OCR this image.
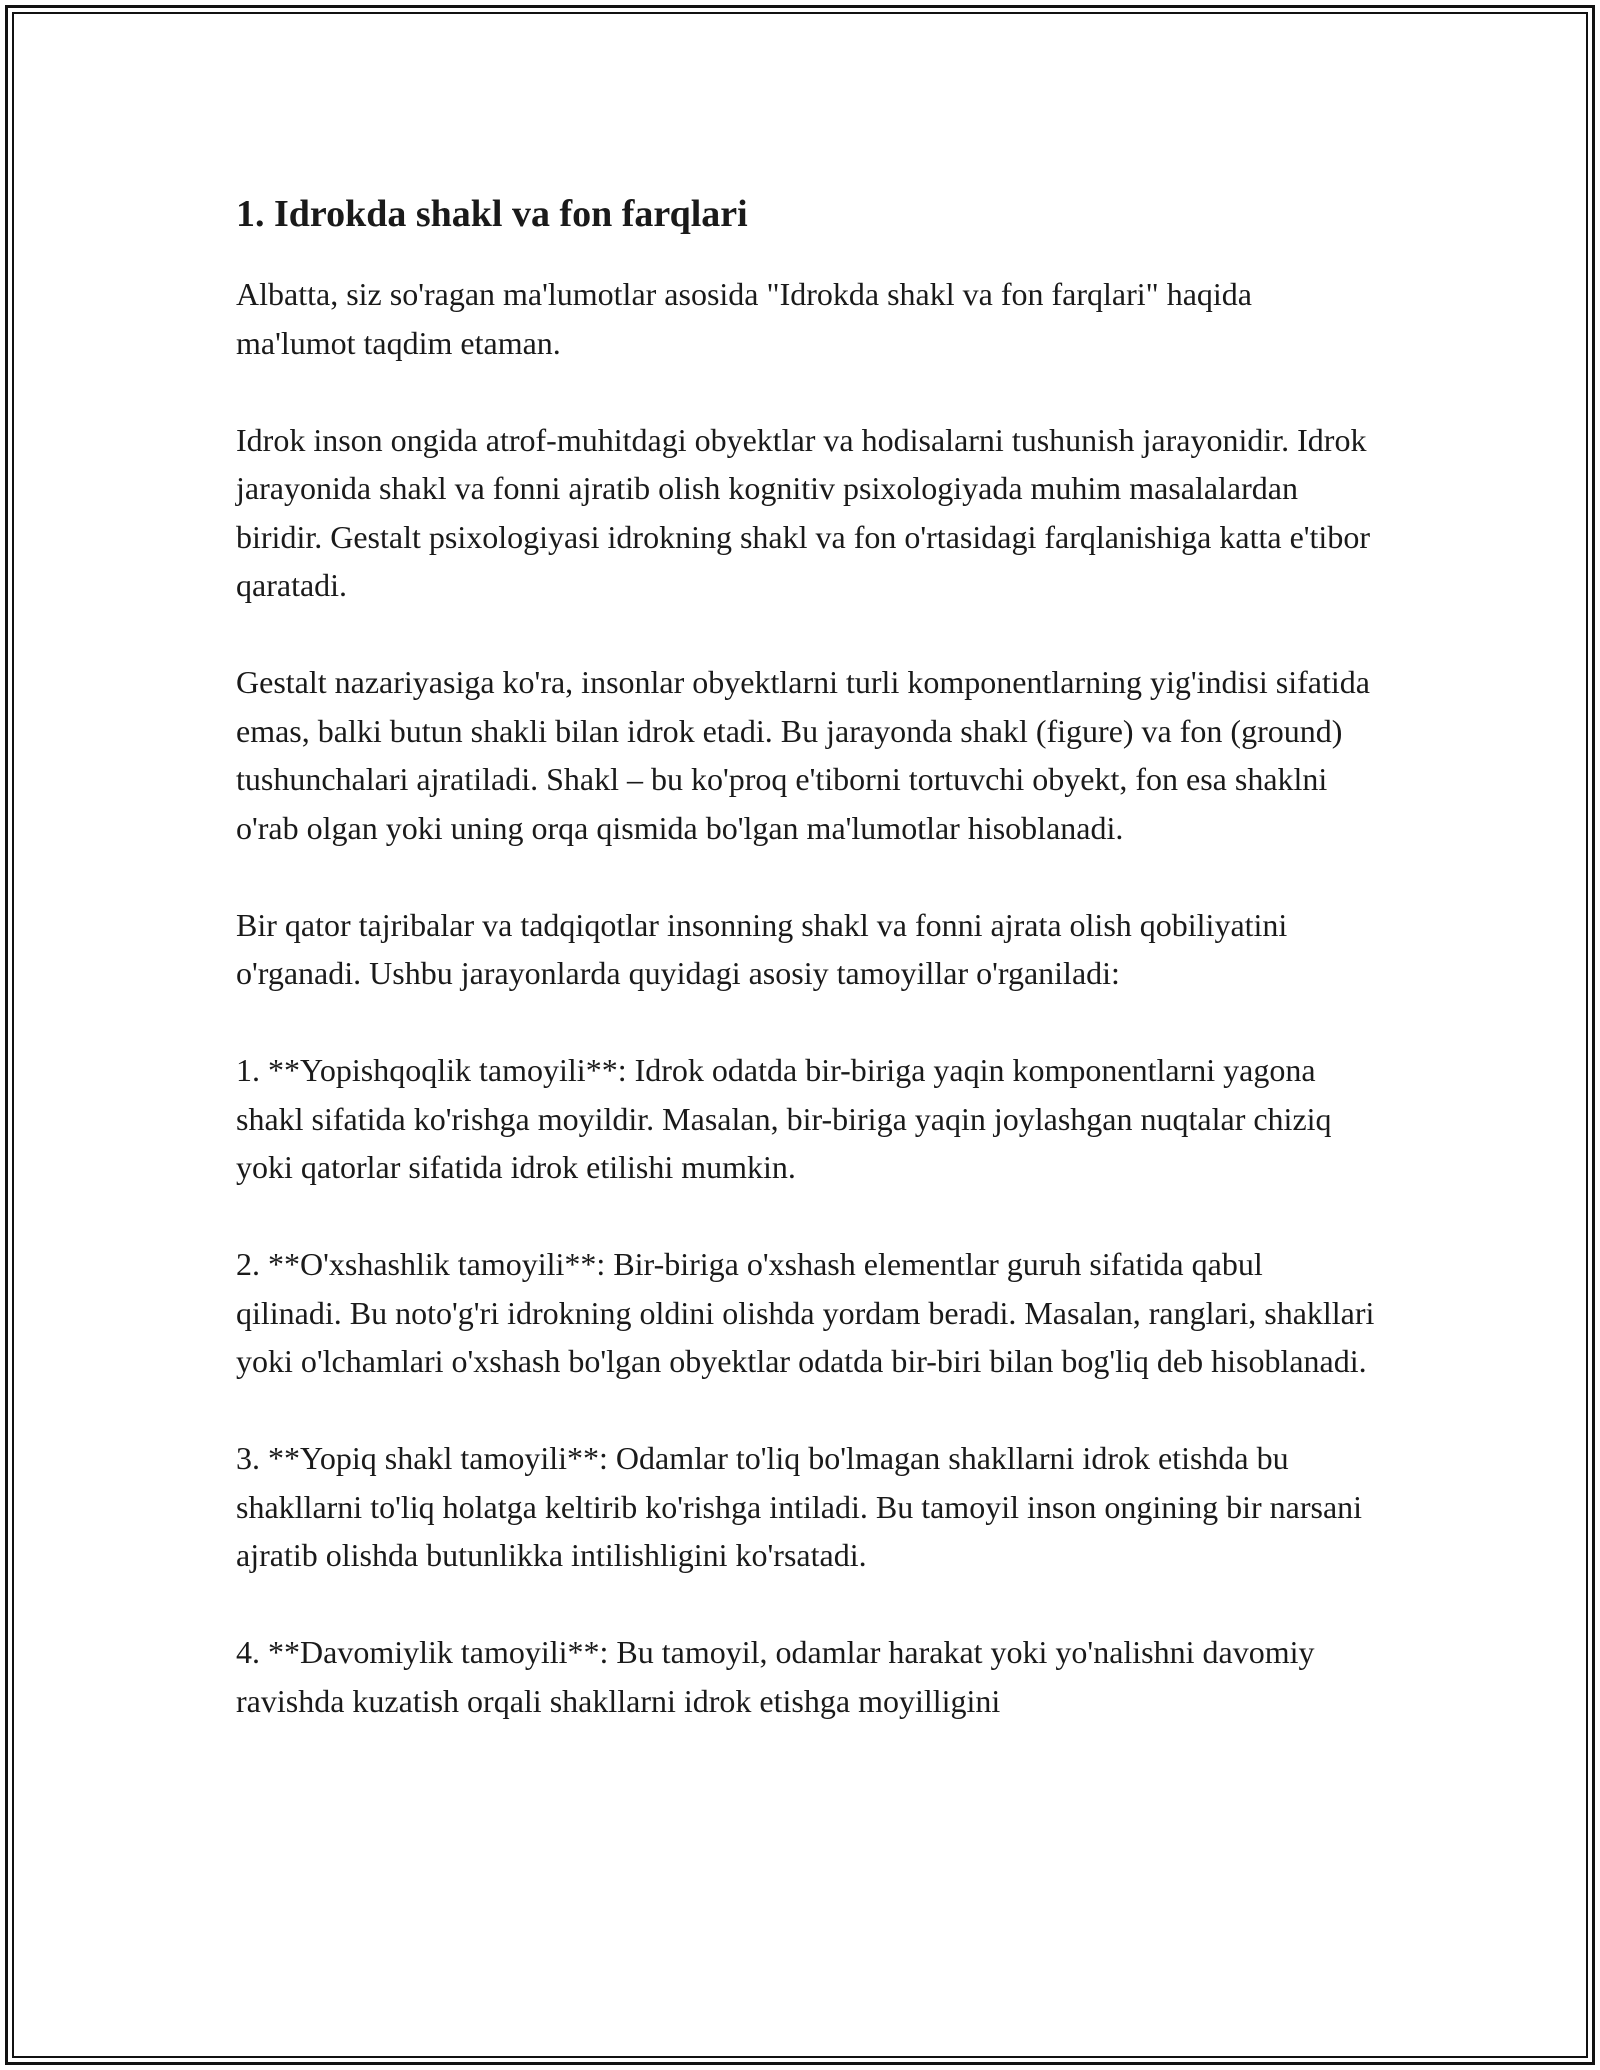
1. Idrokda shakl va fon farqlari

Albatta, siz so'ragan ma'lumotlar asosida "Idrokda shakl va fon farqlari" haqida ma'lumot taqdim etaman.

Idrok inson ongida atrof-muhitdagi obyektlar va hodisalarni tushunish jarayonidir. Idrok jarayonida shakl va fonni ajratib olish kognitiv psixologiyada muhim masalalardan biridir. Gestalt psixologiyasi idrokning shakl va fon o'rtasidagi farqlanishiga katta e'tibor qaratadi.

Gestalt nazariyasiga ko'ra, insonlar obyektlarni turli komponentlarning yig'indisi sifatida emas, balki butun shakli bilan idrok etadi. Bu jarayonda shakl (figure) va fon (ground) tushunchalari ajratiladi. Shakl – bu ko'proq e'tiborni tortuvchi obyekt, fon esa shaklni o'rab olgan yoki uning orqa qismida bo'lgan ma'lumotlar hisoblanadi.

Bir qator tajribalar va tadqiqotlar insonning shakl va fonni ajrata olish qobiliyatini o'rganadi. Ushbu jarayonlarda quyidagi asosiy tamoyillar o'rganiladi:

1. **Yopishqoqlik tamoyili**: Idrok odatda bir-biriga yaqin komponentlarni yagona shakl sifatida ko'rishga moyildir. Masalan, bir-biriga yaqin joylashgan nuqtalar chiziq yoki qatorlar sifatida idrok etilishi mumkin.

2. **O'xshashlik tamoyili**: Bir-biriga o'xshash elementlar guruh sifatida qabul qilinadi. Bu noto'g'ri idrokning oldini olishda yordam beradi. Masalan, ranglari, shakllari yoki o'lchamlari o'xshash bo'lgan obyektlar odatda bir-biri bilan bog'liq deb hisoblanadi.

3. **Yopiq shakl tamoyili**: Odamlar to'liq bo'lmagan shakllarni idrok etishda bu shakllarni to'liq holatga keltirib ko'rishga intiladi. Bu tamoyil inson ongining bir narsani ajratib olishda butunlikka intilishligini ko'rsatadi.

4. **Davomiylik tamoyili**: Bu tamoyil, odamlar harakat yoki yo'nalishni davomiy ravishda kuzatish orqali shakllarni idrok etishga moyilligini
